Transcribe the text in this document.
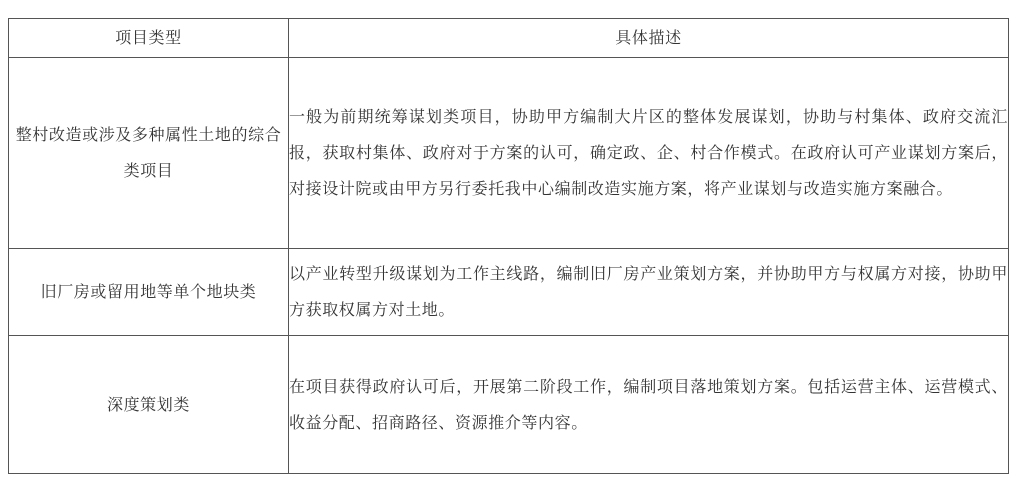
项目类型	具体描述
整村改造或涉及多种属性土地的综合类项目	一般为前期统筹谋划类项目，协助甲方编制大片区的整体发展谋划，协助与村集体、政府交流汇报，获取村集体、政府对于方案的认可，确定政、企、村合作模式。在政府认可产业谋划方案后，对接设计院或由甲方另行委托我中心编制改造实施方案，将产业谋划与改造实施方案融合。
旧厂房或留用地等单个地块类	以产业转型升级谋划为工作主线路，编制旧厂房产业策划方案，并协助甲方与权属方对接，协助甲方获取权属方对土地。
深度策划类	在项目获得政府认可后，开展第二阶段工作，编制项目落地策划方案。包括运营主体、运营模式、收益分配、招商路径、资源推介等内容。
